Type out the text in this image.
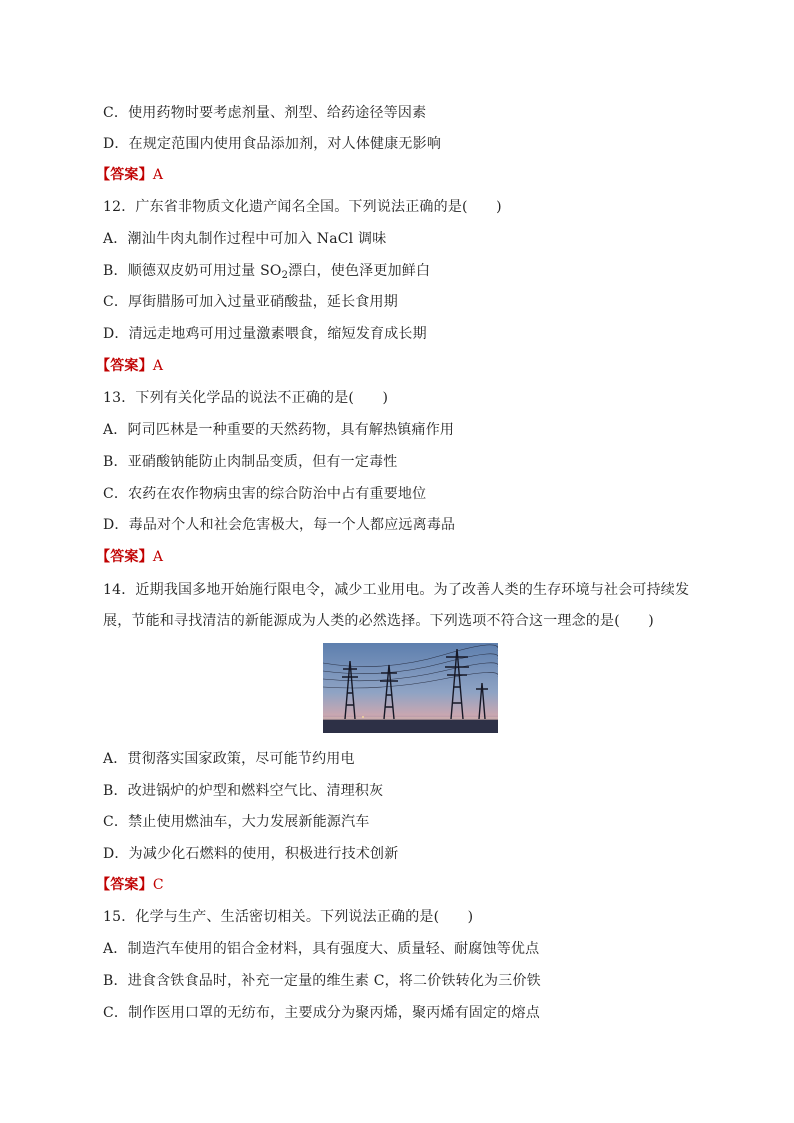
C．使用药物时要考虑剂量、剂型、给药途径等因素
D．在规定范围内使用食品添加剂，对人体健康无影响
【答案】A
12．广东省非物质文化遗产闻名全国。下列说法正确的是(　　)
A．潮汕牛肉丸制作过程中可加入 NaCl 调味
B．顺德双皮奶可用过量 $SO_2$漂白，使色泽更加鲜白
C．厚街腊肠可加入过量亚硝酸盐，延长食用期
D．清远走地鸡可用过量激素喂食，缩短发育成长期
【答案】A
13．下列有关化学品的说法不正确的是(　　)
A．阿司匹林是一种重要的天然药物，具有解热镇痛作用
B．亚硝酸钠能防止肉制品变质，但有一定毒性
C．农药在农作物病虫害的综合防治中占有重要地位
D．毒品对个人和社会危害极大，每一个人都应远离毒品
【答案】A
14．近期我国多地开始施行限电令，减少工业用电。为了改善人类的生存环境与社会可持续发展，节能和寻找清洁的新能源成为人类的必然选择。下列选项不符合这一理念的是(　　)
A．贯彻落实国家政策，尽可能节约用电
B．改进锅炉的炉型和燃料空气比、清理积灰
C．禁止使用燃油车，大力发展新能源汽车
D．为减少化石燃料的使用，积极进行技术创新
【答案】C
15．化学与生产、生活密切相关。下列说法正确的是(　　)
A．制造汽车使用的铝合金材料，具有强度大、质量轻、耐腐蚀等优点
B．进食含铁食品时，补充一定量的维生素 C，将二价铁转化为三价铁
C．制作医用口罩的无纺布，主要成分为聚丙烯，聚丙烯有固定的熔点
